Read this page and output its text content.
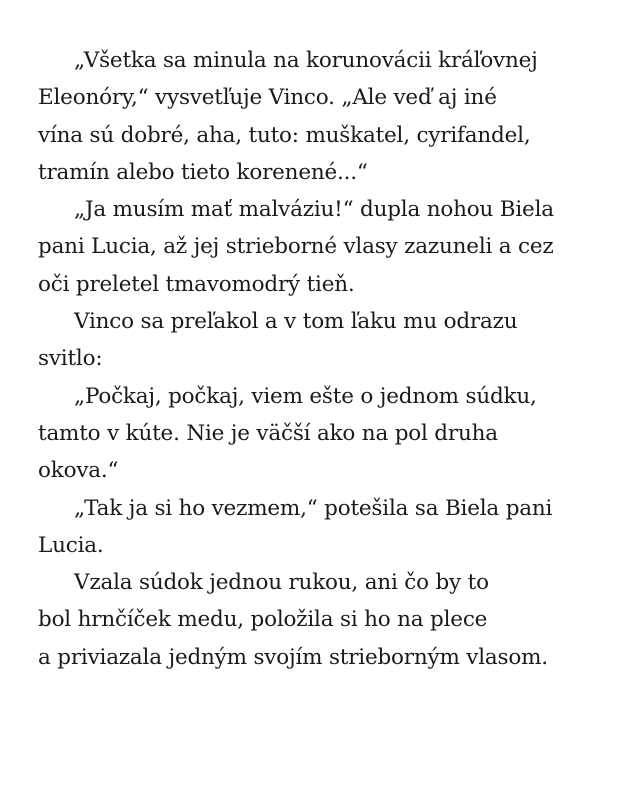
„Všetka sa minula na korunovácii kráľovnej
Eleonóry,“ vysvetľuje Vinco. „Ale veď aj iné
vína sú dobré, aha, tuto: muškatel, cyrifandel,
tramín alebo tieto korenené...“

„Ja musím mať malváziu!“ dupla nohou Biela
pani Lucia, až jej strieborné vlasy zazuneli a cez
oči preletel tmavomodrý tieň.

Vinco sa preľakol a v tom ľaku mu odrazu
svitlo:

„Počkaj, počkaj, viem ešte o jednom súdku,
tamto v kúte. Nie je väčší ako na pol druha
okova.“

„Tak ja si ho vezmem,“ potešila sa Biela pani
Lucia.

Vzala súdok jednou rukou, ani čo by to
bol hrnčíček medu, položila si ho na plece
a priviazala jedným svojím strieborným vlasom.
